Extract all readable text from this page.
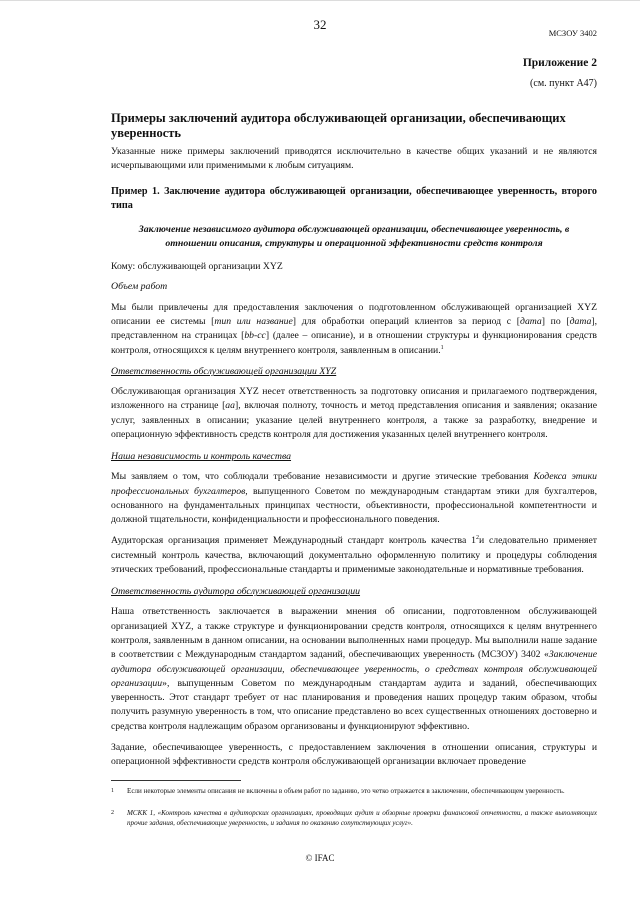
32
МСЗОУ 3402
Приложение 2
(см. пункт А47)
Примеры заключений аудитора обслуживающей организации, обеспечивающих уверенность

Указанные ниже примеры заключений приводятся исключительно в качестве общих указаний и не являются исчерпывающими или применимыми к любым ситуациям.

Пример 1. Заключение аудитора обслуживающей организации, обеспечивающее уверенность, второго типа

Заключение независимого аудитора обслуживающей организации, обеспечивающее уверенность, в отношении описания, структуры и операционной эффективности средств контроля

Кому: обслуживающей организации XYZ

Объем работ

Мы были привлечены для предоставления заключения о подготовленном обслуживающей организацией XYZ описании ее системы [тип или название] для обработки операций клиентов за период с [дата] по [дата], представленном на страницах [bb-cc] (далее – описание), и в отношении структуры и функционирования средств контроля, относящихся к целям внутреннего контроля, заявленным в описании.$^1$

Ответственность обслуживающей организации XYZ

Обслуживающая организация XYZ несет ответственность за подготовку описания и прилагаемого подтверждения, изложенного на странице [aa], включая полноту, точность и метод представления описания и заявления; оказание услуг, заявленных в описании; указание целей внутреннего контроля, а также за разработку, внедрение и операционную эффективность средств контроля для достижения указанных целей внутреннего контроля.

Наша независимость и контроль качества

Мы заявляем о том, что соблюдали требование независимости и другие этические требования Кодекса этики профессиональных бухгалтеров, выпущенного Советом по международным стандартам этики для бухгалтеров, основанного на фундаментальных принципах честности, объективности, профессиональной компетентности и должной тщательности, конфиденциальности и профессионального поведения.

Аудиторская организация применяет Международный стандарт контроль качества $1^2и$ следовательно применяет системный контроль качества, включающий документально оформленную политику и процедуры соблюдения этических требований, профессиональные стандарты и применимые законодательные и нормативные требования.

Ответственность аудитора обслуживающей организации

Наша ответственность заключается в выражении мнения об описании, подготовленном обслуживающей организацией XYZ, а также структуре и функционировании средств контроля, относящихся к целям внутреннего контроля, заявленным в данном описании, на основании выполненных нами процедур. Мы выполнили наше задание в соответствии с Международным стандартом заданий, обеспечивающих уверенность (МСЗОУ) 3402 «Заключение аудитора обслуживающей организации, обеспечивающее уверенность, о средствах контроля обслуживающей организации», выпущенным Советом по международным стандартам аудита и заданий, обеспечивающих уверенность. Этот стандарт требует от нас планирования и проведения наших процедур таким образом, чтобы получить разумную уверенность в том, что описание представлено во всех существенных отношениях достоверно и средства контроля надлежащим образом организованы и функционируют эффективно.

Задание, обеспечивающее уверенность, с предоставлением заключения в отношении описания, структуры и операционной эффективности средств контроля обслуживающей организации включает проведение

1 Если некоторые элементы описания не включены в объем работ по заданию, это четко отражается в заключении, обеспечивающем уверенность.
2 МСКК 1, «Контроль качества в аудиторских организациях, проводящих аудит и обзорные проверки финансовой отчетности, а также выполняющих прочие задания, обеспечивающие уверенность, и задания по оказанию сопутствующих услуг».
© IFAC
